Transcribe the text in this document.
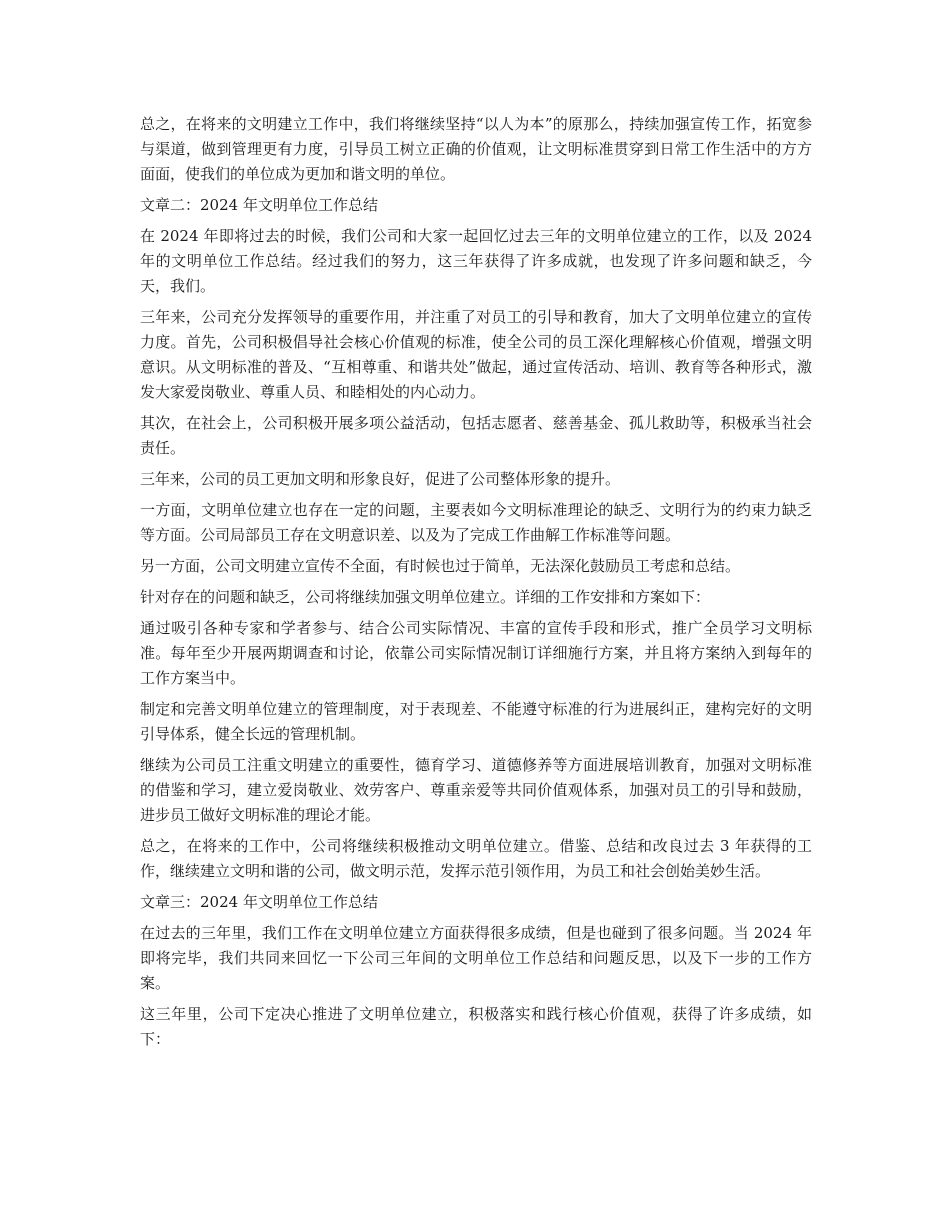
总之，在将来的文明建立工作中，我们将继续坚持“以人为本”的原那么，持续加强宣传工作，拓宽参与渠道，做到管理更有力度，引导员工树立正确的价值观，让文明标准贯穿到日常工作生活中的方方面面，使我们的单位成为更加和谐文明的单位。

文章二：2024 年文明单位工作总结

在 2024 年即将过去的时候，我们公司和大家一起回忆过去三年的文明单位建立的工作，以及 2024 年的文明单位工作总结。经过我们的努力，这三年获得了许多成就，也发现了许多问题和缺乏，今天，我们。

三年来，公司充分发挥领导的重要作用，并注重了对员工的引导和教育，加大了文明单位建立的宣传力度。首先，公司积极倡导社会核心价值观的标准，使全公司的员工深化理解核心价值观，增强文明意识。从文明标准的普及、“互相尊重、和谐共处”做起，通过宣传活动、培训、教育等各种形式，激发大家爱岗敬业、尊重人员、和睦相处的内心动力。

其次，在社会上，公司积极开展多项公益活动，包括志愿者、慈善基金、孤儿救助等，积极承当社会责任。

三年来，公司的员工更加文明和形象良好，促进了公司整体形象的提升。

一方面，文明单位建立也存在一定的问题，主要表如今文明标准理论的缺乏、文明行为的约束力缺乏等方面。公司局部员工存在文明意识差、以及为了完成工作曲解工作标准等问题。

另一方面，公司文明建立宣传不全面，有时候也过于简单，无法深化鼓励员工考虑和总结。

针对存在的问题和缺乏，公司将继续加强文明单位建立。详细的工作安排和方案如下：

通过吸引各种专家和学者参与、结合公司实际情况、丰富的宣传手段和形式，推广全员学习文明标准。每年至少开展两期调查和讨论，依靠公司实际情况制订详细施行方案，并且将方案纳入到每年的工作方案当中。

制定和完善文明单位建立的管理制度，对于表现差、不能遵守标准的行为进展纠正，建构完好的文明引导体系，健全长远的管理机制。

继续为公司员工注重文明建立的重要性，德育学习、道德修养等方面进展培训教育，加强对文明标准的借鉴和学习，建立爱岗敬业、效劳客户、尊重亲爱等共同价值观体系，加强对员工的引导和鼓励，进步员工做好文明标准的理论才能。

总之，在将来的工作中，公司将继续积极推动文明单位建立。借鉴、总结和改良过去 3 年获得的工作，继续建立文明和谐的公司，做文明示范，发挥示范引领作用，为员工和社会创始美妙生活。

文章三：2024 年文明单位工作总结

在过去的三年里，我们工作在文明单位建立方面获得很多成绩，但是也碰到了很多问题。当 2024 年即将完毕，我们共同来回忆一下公司三年间的文明单位工作总结和问题反思，以及下一步的工作方案。

这三年里，公司下定决心推进了文明单位建立，积极落实和践行核心价值观，获得了许多成绩，如下：
